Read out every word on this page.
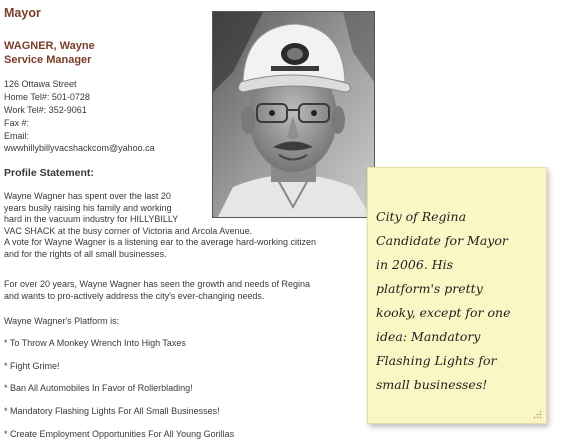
Mayor
WAGNER, Wayne
Service Manager
126 Ottawa Street
Home Tel#: 501-0728
Work Tel#: 352-9061
Fax #:
Email:
wwwhillybillyvacshackcom@yahoo.ca
Profile Statement:
Wayne Wagner has spent over the last 20
years busily raising his family and working
hard in the vacuum industry for HILLYBILLY
VAC SHACK at the busy corner of Victoria and Arcola Avenue.
A vote for Wayne Wagner is a listening ear to the average hard-working citizen
and for the rights of all small businesses.
For over 20 years, Wayne Wagner has seen the growth and needs of Regina
and wants to pro-actively address the city's ever-changing needs.
Wayne Wagner's Platform is:
* To Throw A Monkey Wrench Into High Taxes
* Fight Grime!
* Ban All Automobiles In Favor of Rollerblading!
* Mandatory Flashing Lights For All Small Businesses!
* Create Employment Opportunities For All Young Gorillas
City of Regina
Candidate for Mayor
in 2006. His
platform's pretty
kooky, except for one
idea: Mandatory
Flashing Lights for
small businesses!
